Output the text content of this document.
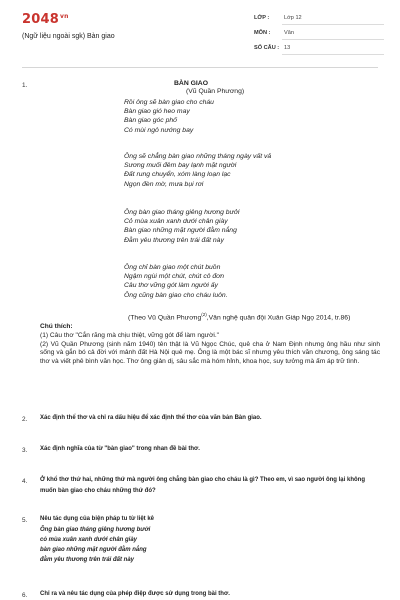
$2048^{vn}$
(Ngữ liệu ngoài sgk) Bàn giao
LỚP :	Lớp 12
MÔN : Văn
SỐ CÂU : 13
1.	BÀN GIAO
(Vũ Quần Phương)
Rồi ông sẽ bàn giao cho cháu
Bàn giao gió heo may
Bàn giao góc phố
Có mùi ngô nướng bay
Ông sẽ chẳng bàn giao những tháng ngày vất vả
Sương muối đêm bay lạnh mặt người
Đất rung chuyển, xóm làng loạn lạc
Ngọn đèn mờ, mưa bụi rơi
Ông bàn giao tháng giêng hương bưởi
Cỏ mùa xuân xanh dưới chân giày
Bàn giao những mặt người đằm nắng
Đằm yêu thương trên trái đất này
Ông chỉ bàn giao một chút buồn
Ngậm ngùi một chút, chút cô đơn
Câu thơ vững gót làm người ấy
Ông cũng bàn giao cho cháu luôn.
(Theo Vũ Quần Phương$^{(2)}$,Văn nghệ quân đội Xuân Giáp Ngọ 2014, tr.86)

Chú thích:

(1) Câu thơ "Cắn răng mà chịu thiệt, vững gót để làm người."

(2) Vũ Quần Phương (sinh năm 1940) tên thật là Vũ Ngọc Chúc, quê cha ở Nam Định nhưng ông hầu như sinh sống và gắn bó cả đời với mảnh đất Hà Nội quê mẹ. Ông là một bác sĩ nhưng yêu thích văn chương, ông sáng tác thơ và viết phê bình văn học. Thơ ông giản dị, sâu sắc mà hóm hỉnh, khoa học, suy tưởng mà ấm áp trữ tình.

2. Xác định thể thơ và chỉ ra dấu hiệu để xác định thể thơ của văn bản Bàn giao.
3. Xác định nghĩa của từ "bàn giao" trong nhan đề bài thơ.
4. Ở khổ thơ thứ hai, những thứ mà người ông chẳng bàn giao cho cháu là gì? Theo em, vì sao người ông lại không muốn bàn giao cho cháu những thứ đó?
5. Nêu tác dụng của biện pháp tu từ liệt kê
Ông bàn giao tháng giêng hương bưởi
cỏ mùa xuân xanh dưới chân giày
bàn giao những mặt người đằm nắng
đằm yêu thương trên trái đất này
6. Chỉ ra và nêu tác dụng của phép điệp được sử dụng trong bài thơ.
